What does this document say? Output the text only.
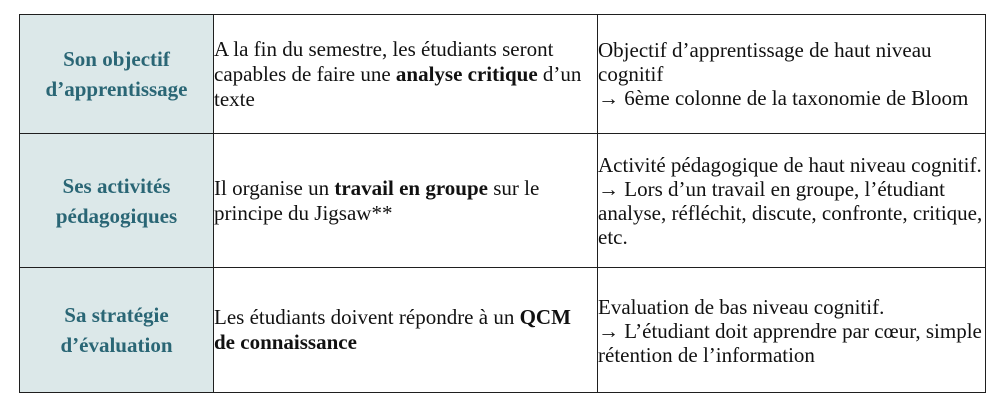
Son objectif d’apprentissage	A la fin du semestre, les étudiants seront capables de faire une analyse critique d’un texte	Objectif d’apprentissage de haut niveau cognitif
→ 6ème colonne de la taxonomie de Bloom

Ses activités pédagogiques	Il organise un travail en groupe sur le principe du Jigsaw**	Activité pédagogique de haut niveau cognitif.
→ Lors d’un travail en groupe, l’étudiant analyse, réfléchit, discute, confronte, critique, etc.

Sa stratégie d’évaluation	Les étudiants doivent répondre à un QCM de connaissance	Evaluation de bas niveau cognitif.
→ L’étudiant doit apprendre par cœur, simple rétention de l’information
